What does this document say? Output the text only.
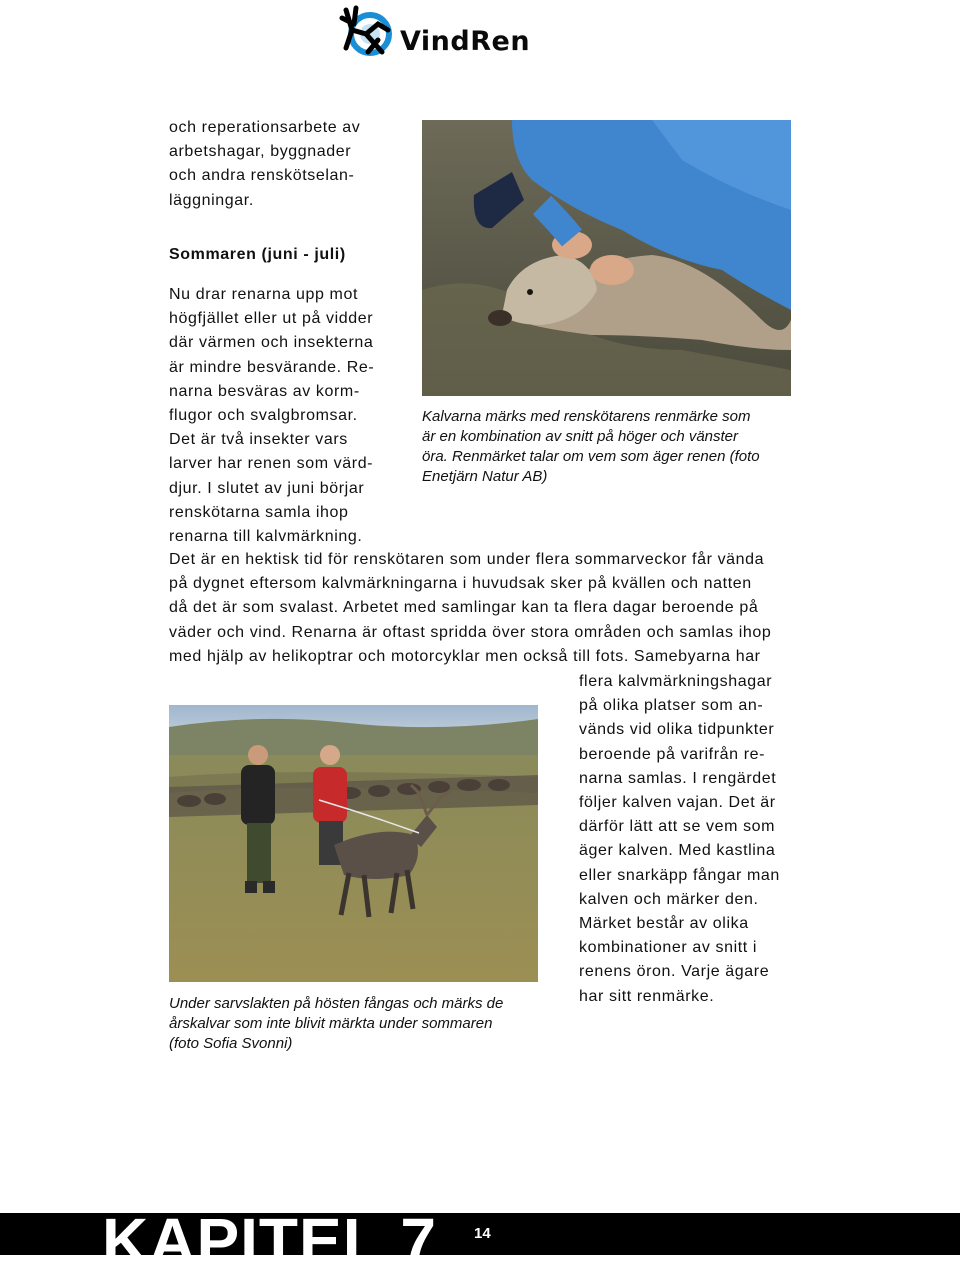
VindRen
och reperationsarbete av
arbetshagar, byggnader
och andra renskötselan-
läggningar.
Sommaren (juni - juli)
Nu drar renarna upp mot
högfjället eller ut på vidder
där värmen och insekterna
är mindre besvärande. Re-
narna besväras av korm-
flugor och svalgbromsar.
Det är två insekter vars
larver har renen som värd-
djur. I slutet av juni börjar
renskötarna samla ihop
renarna till kalvmärkning.
Kalvarna märks med renskötarens renmärke som
är en kombination av snitt på höger och vänster
öra. Renmärket talar om vem som äger renen (foto
Enetjärn Natur AB)
Det är en hektisk tid för renskötaren som under flera sommarveckor får vända
på dygnet eftersom kalvmärkningarna i huvudsak sker på kvällen och natten
då det är som svalast. Arbetet med samlingar kan ta flera dagar beroende på
väder och vind. Renarna är oftast spridda över stora områden och samlas ihop
med hjälp av helikoptrar och motorcyklar men också till fots. Samebyarna har
flera kalvmärkningshagar
på olika platser som an-
vänds vid olika tidpunkter
beroende på varifrån re-
narna samlas. I rengärdet
följer kalven vajan. Det är
därför lätt att se vem som
äger kalven. Med kastlina
eller snarkäpp fångar man
kalven och märker den.
Märket består av olika
kombinationer av snitt i
renens öron. Varje ägare
har sitt renmärke.
Under sarvslakten på hösten fångas och märks de
årskalvar som inte blivit märkta under sommaren
(foto Sofia Svonni)
KAPITEL 7 14
